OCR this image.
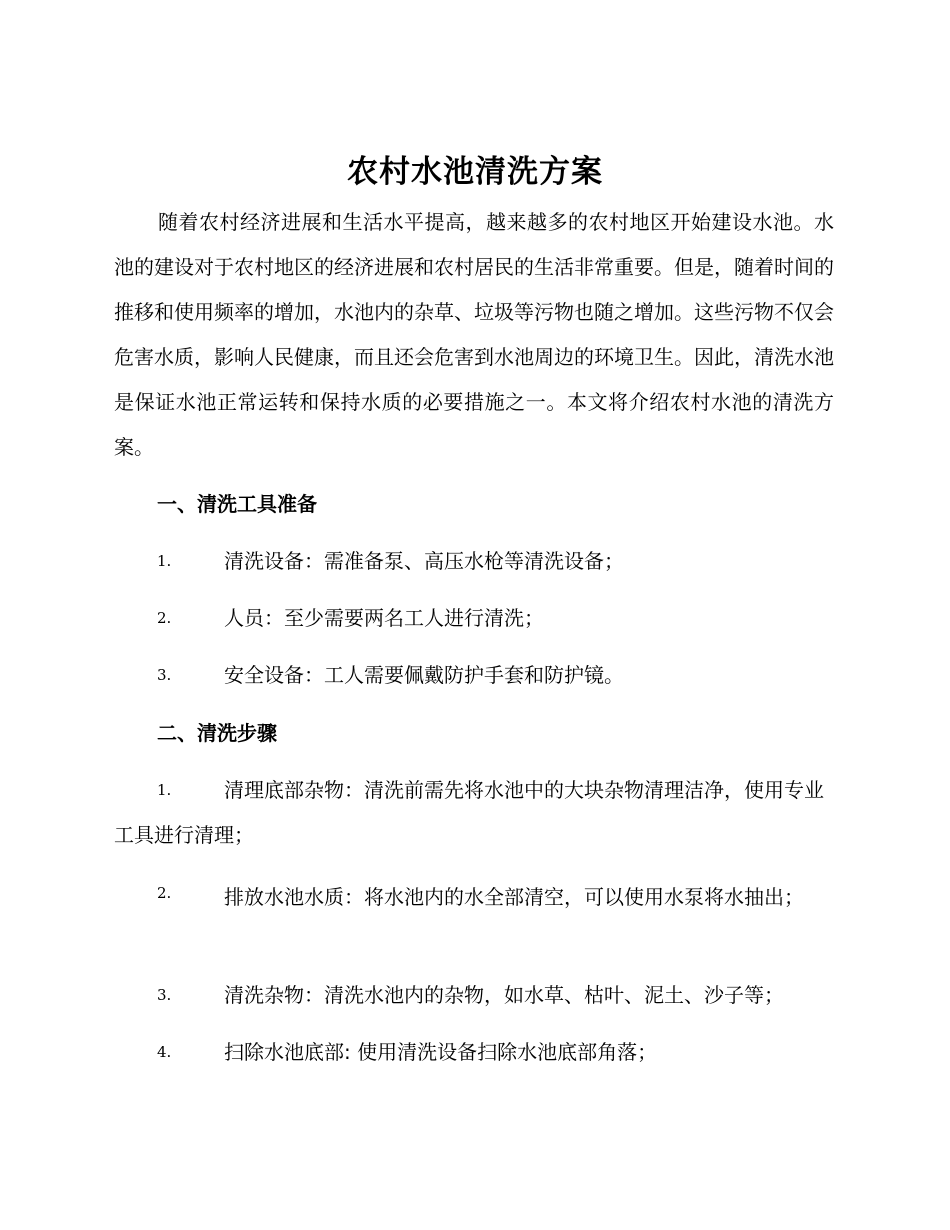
农村水池清洗方案

随着农村经济进展和生活水平提高，越来越多的农村地区开始建设水池。水池的建设对于农村地区的经济进展和农村居民的生活非常重要。但是，随着时间的推移和使用频率的增加，水池内的杂草、垃圾等污物也随之增加。这些污物不仅会危害水质，影响人民健康，而且还会危害到水池周边的环境卫生。因此，清洗水池是保证水池正常运转和保持水质的必要措施之一。本文将介绍农村水池的清洗方案。

一、清洗工具准备
1.	清洗设备：需准备泵、高压水枪等清洗设备；
2.	人员：至少需要两名工人进行清洗；
3.	安全设备：工人需要佩戴防护手套和防护镜。
二、清洗步骤
1.	清理底部杂物：清洗前需先将水池中的大块杂物清理洁净，使用专业工具进行清理；
2.	排放水池水质：将水池内的水全部清空，可以使用水泵将水抽出；
3.	清洗杂物：清洗水池内的杂物，如水草、枯叶、泥土、沙子等；
4.	扫除水池底部: 使用清洗设备扫除水池底部角落；
